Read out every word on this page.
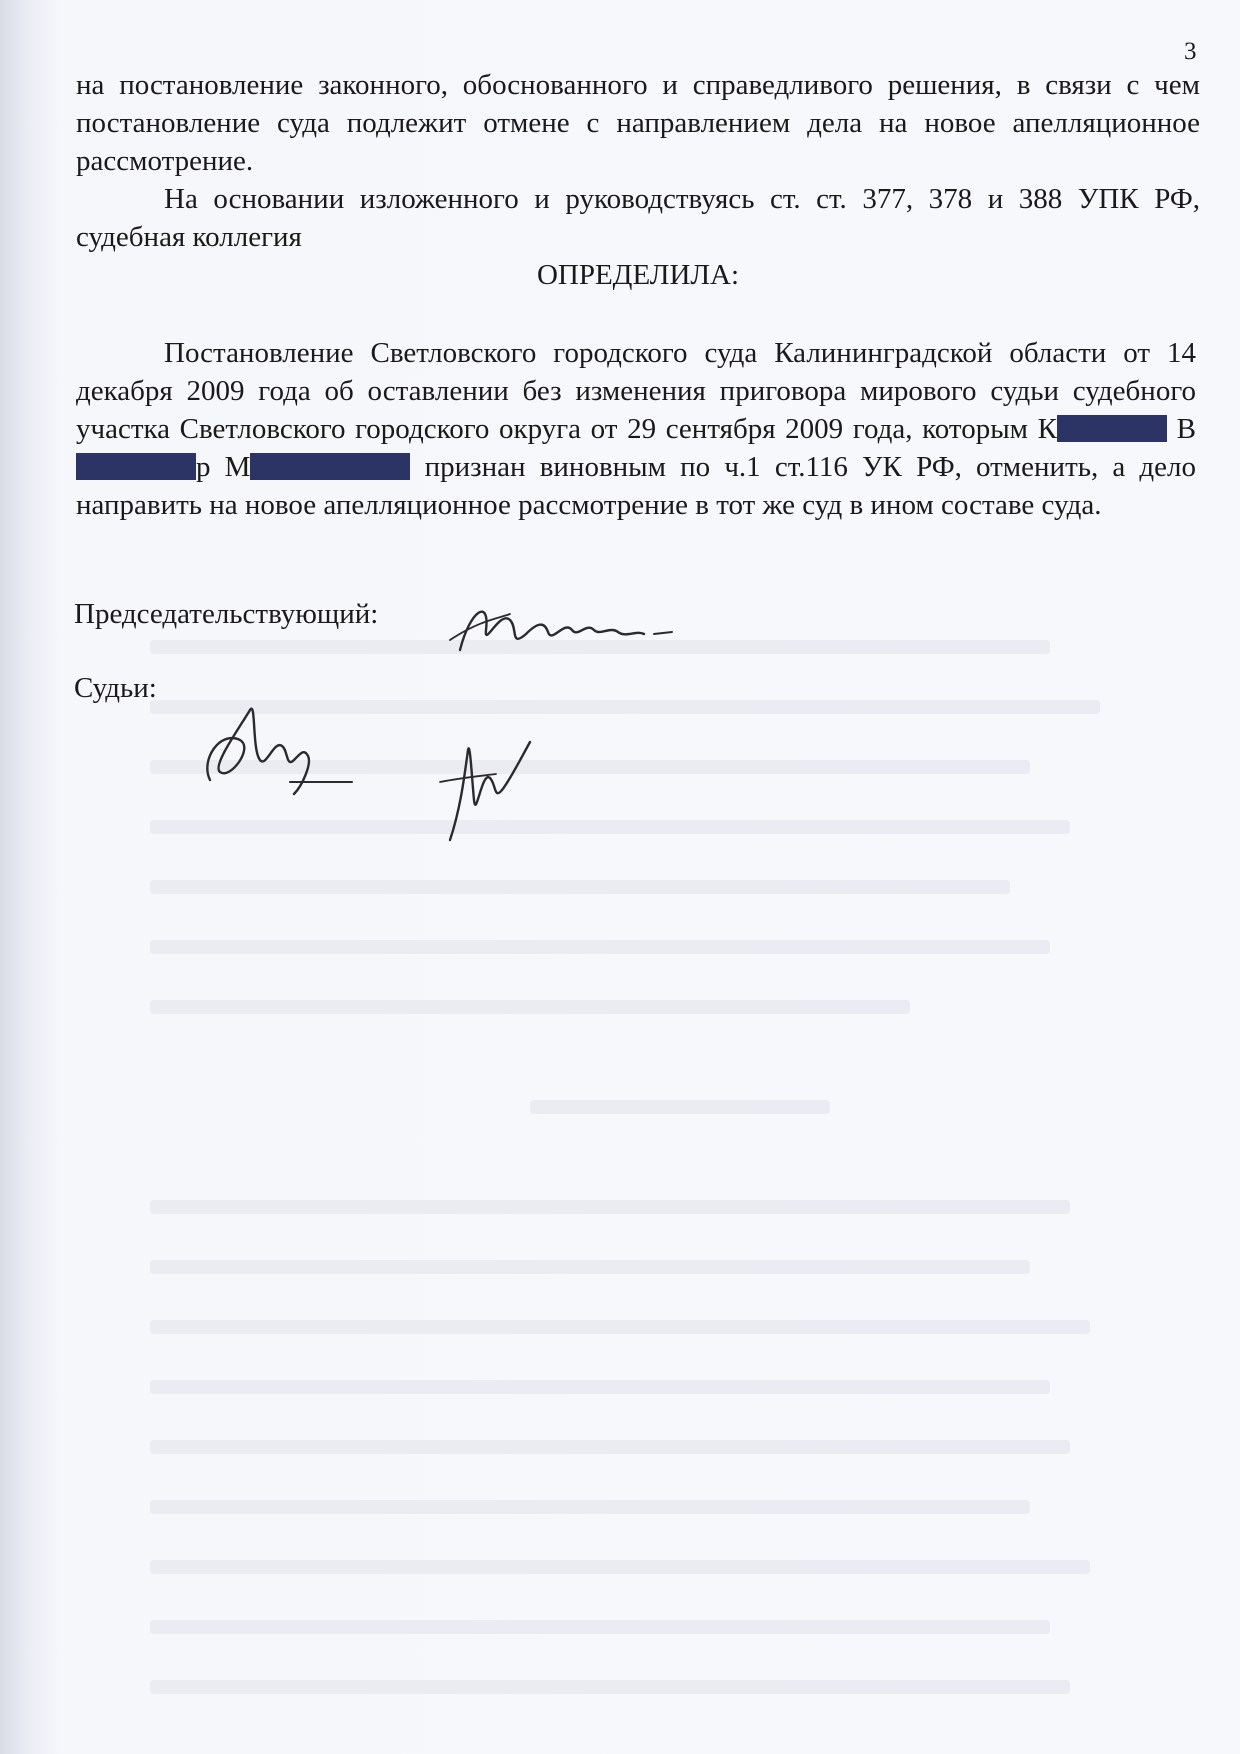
3
на постановление законного, обоснованного и справедливого решения, в связи с чем постановление суда подлежит отмене с направлением дела на новое апелляционное рассмотрение.
На основании изложенного и руководствуясь ст. ст. 377, 378 и 388 УПК РФ, судебная коллегия
ОПРЕДЕЛИЛА:
Постановление Светловского городского суда Калининградской области от 14 декабря 2009 года об оставлении без изменения приговора мирового судьи судебного участка Светловского городского округа от 29 сентября 2009 года, которым К	Вр М	признан виновным по ч.1 ст.116 УК РФ, отменить, а дело направить на новое апелляционное рассмотрение в тот же суд в ином составе суда.
Председательствующий:
Судьи:
